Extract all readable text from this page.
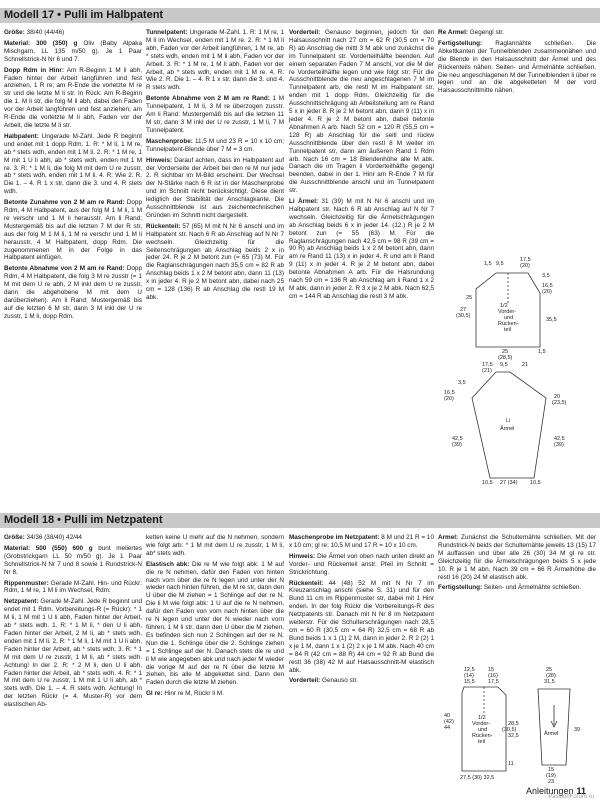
Modell 17 • Pulli im Halbpatent

Größe: 38/40 (44/46)

Material: 300 (350) g Oliv (Baby Alpaka Mischgarn, LL 135 m/50 g). Je 1 Paar Schnellstrick-N Nr 6 und 7.

Dopp Rdm in Hinr: Am R-Beginn 1 M li abh, Faden hinter der Arbeit langführen und fest anziehen, 1 R re; am R-Ende die vorletzte M re str und die letzte M li str. In Rück: Am R-Beginn die 1. M li str, die folg M li abh, dabei den Faden vor der Arbeit langführen und fest anziehen; am R-Ende die vorletzte M li abh, Faden vor der Arbeit, die letzte M li str.

Halbpatent: Ungerade M-Zahl. Jede R beginnt und endet mit 1 dopp Rdm. 1. R: * M li, 1 M re, ab * stets wdh, enden mit 1 M li. 2. R: * 1 M re, 1 M mit 1 U li abh, ab * stets wdh, enden mit 1 M re. 3. R: * 1 M li, die folg M mit dem U re zusstr, ab * stets wdh, enden mit 1 M li. 4. R: Wie 2. R. Die 1. – 4. R 1 x str, dann die 3. und 4. R stets wdh.

Betonte Zunahme von 2 M am re Rand: Dopp Rdm, 4 M Halbpatent, aus der folg M 1 M li, 1 M re verschr und 1 M li herausstr. Am li Rand: Mustergemäß bis auf die letzten 7 M der R str, aus der folg M 1 M li, 1 M re verschr und 1 M li herausstr, 4 M Halbpatent, dopp Rdm. Die zugenommenen M in der Folge in das Halbpatent einfügen.

Betonte Abnahme von 2 M am re Rand: Dopp Rdm, 4 M Halbpatent, die folg 3 M re zusstr (= 1 M mit dem U re abh, 2 M inkl dem U re zusstr, dann die abgehobene M mit dem U darüberziehen). Am li Rand: Mustergemäß bis auf die letzten 6 M str, dann 3 M inkl der U re zusstr, 1 M li, dopp Rdm.

Tunnelpatent: Ungerade M-Zahl. 1. R: 1 M re, 1 M li im Wechsel, enden mit 1 M re. 2. R: * 1 M li abh, Faden vor der Arbeit langführen, 1 M re, ab * stets wdh, enden mit 1 M li abh, Faden vor der Arbeit. 3. R: * 1 M re, 1 M li abh, Faden vor der Arbeit, ab * stets wdh, enden mit 1 M re. 4. R: Wie 2. R. Die 1. – 4. R 1 x str, dann die 3. und 4. R stets wdh.

Betonte Abnahme von 2 M am re Rand: 1 M Tunnelpatent, 1 M li, 3 M re überzogen zusstr. Am li Rand: Mustergemäß bis auf die letzten 11 M str, dann 3 M inkl der U re zusstr, 1 M li, 7 M Tunnelpatent.

Maschenprobe: 11,5 M und 23 R = 10 x 10 cm; Tunnelpatent-Blende über 7 M = 3 cm.

Hinweis: Darauf achten, dass im Halbpatent auf der Vorderseite der Arbeit bei den re M nur jede 2. R sichtbar im M-Bild erscheint. Der Wechsel der N-Stärke nach 6 R ist in der Maschenprobe und im Schnitt nicht berücksichtigt. Diese dient lediglich der Stabilität der Anschlagkante. Die Ausschnittblende ist aus zeichentechnischen Gründen im Schnitt nicht dargestellt.

Rückenteil: 57 (65) M mit N Nr 6 anschl und im Halbpatent str. Nach 6 R ab Anschlag auf N Nr 7 wechseln. Gleichzeitig für die Seitenschrägungen ab Anschlag beids 2 x in jeder 24. R je 2 M betont zun (= 65 (73) M. Für die Raglanschrägungen nach 35,5 cm = 82 R ab Anschlag beids 1 x 2 M betont abn, dann 11 (13) x in jeder 4. R je 2 M betont abn, dabei nach 25 cm = 128 (136) R ab Anschlag die restl 19 M abk.

Vorderteil: Genauso beginnen, jedoch für den Halsausschnitt nach 27 cm = 62 R (30,5 cm = 70 R) ab Anschlag die mittl 3 M abk und zunächst die im Tunnelpatent str. Vorderteilhälfte beenden. Auf einem separaten Faden 7 M anschl, vor die M der re Vorderteilhälfte legen und wie folgt str: Für die Ausschnittblende die neu angeschlagenen 7 M im Tunnelpatent arb, die restl M im Halbpatent str, enden mit 1 dopp Rdm. Gleichzeitig für die Ausschnittschrägung ab Arbeitsteilung am re Rand 5 x in jeder 8. R je 2 M betont abn, dann 9 (11) x in jeder 4. R je 2 M betont abn, dabei betonte Abnahmen A arb. Nach 52 cm = 120 R (55,5 cm = 128 R) ab Anschlag für die seitl und rückw Ausschnittblende über den restl 8 M weiter im Tunnelpatent str, dann am äußeren Rand 1 Rdm arb. Nach 16 cm = 18 Blendenhöhe alle M abk. Danach die im Tragen li Vorderteilhälfte gegengl beenden, dabei in der 1. Hinr am R-Ende 7 M für die Ausschnittblende anschl und im Tunnelpatent str.

Li Ärmel: 31 (39) M mit N Nr 6 anschl und im Halbpatent str. Nach 6 R ab Anschlag auf N Nr 7 wechseln. Gleichzeitig für die Ärmelschrägungen ab Anschlag beids 6 x in jeder 14. (12.) R je 2 M betont zun (= 55 (63) M. Für die Raglanschrägungen nach 42,5 cm = 98 R (39 cm = 90 R) ab Anschlag beids 1 x 2 M betont abn, dann am re Rand 11 (13) x in jeder 4. R und am li Rand 9 (11) x in jeder 4. R je 2 M betont abn, dabei betonte Abnahmen A arb. Für die Halsrundung nach 59 cm = 136 R ab Anschlag am li Rand 1 x 2 M abk, dann in jeder 2. R 3 x je 2 M abk. Nach 62,5 cm = 144 R ab Anschlag die restl 3 M abk.

Re Ärmel: Gegengl str.

Fertigstellung: Raglannähte schließen. Die Abkettkanten der Tunnelblenden zusammennähen und die Blende in den Halsausschnitt der Ärmel und des Rückenteils nähen. Seiten- und Ärmelnähte schließen. Die neu angeschlagenen M der Tunnelblenden li über re legen und an die abgeketteten M der vord Halsausschnittmitte nähen.

1,5 9,5
17,5
(20)
3,5
16,5
(20)
25
27
(30,5)
1/2
Vorder-
und
Rücken-
teil
35,5
25
(28,5)
1,5
17,5
(21)
9,5	21
3,5
16,5
(20)	20
(23,5)
Li
Ärmel
42,5
(39)
42,5
(39)
10,5 27 (34) 10,5
Modell 18 • Pulli im Netzpatent

Größe: 34/36 (38/40) 42/44

Material: 500 (550) 600 g bunt meliertes (Grobstrickgarn LL 50 m/50 g). Je 1 Paar Schnellstrick-N Nr 7 und 8 sowie 1 Rundstrick-N Nr 8.

Rippenmuster: Gerade M-Zahl. Hin- und Rückr: Rdm, 1 M re, 1 M li im Wechsel, Rdm.

Netzpatent: Gerade M-Zahl. Jede R beginnt und endet mit 1 Rdm. Vorbereitungs-R (= Rückr): * 1 M li, 1 M mit 1 U li abh, Faden hinter der Arbeit, ab * stets wdh. 1. R: * 1 M li, * den U li abh, Faden hinter der Arbeit, 2 M li, ab * stets wdh, enden mit 1 M li. 2. R: * 1 M li, 1 M mit 1 U li abh, Faden hinter der Arbeit, ab * stets wdh. 3. R: * 1 M mit dem U re zusstr, 1 M li, ab * stets wdh. Achtung! In der 2. R: * 2 M li, den U li abh, Faden hinter der Arbeit, ab * stets wdh. 4. R: * 1 M mit dem U re zusstr, 1 M mit 1 U li abh, ab * stets wdh. Die 1. – 4. R stets wdh. Achtung! In der letzten Rückr (= 4. Muster-R) vor dem elastischen Ab-

ketten keine U mehr auf die N nehmen, sondern wie folgt arb: * 1 M mit dem U re zusstr, 1 M li, ab* stets wdh.

Elastisch abk: Die re M wie folgt abk: 1 M auf die re N nehmen, dafür den Faden von hinten nach vorn über die re N legen und unter der N wieder nach hinten führen, die M re str, dann den U über die M ziehen = 1 Schlinge auf der re N. Die li M wie folgt abk: 1 U auf die re N nehmen, dafür den Faden von vorn nach hinten über die re N legen und unter der N wieder nach vorn führen, 1 M li str, dann den U über die M ziehen. Es befinden sich nun 2 Schlingen auf der re N. Nun die 1. Schlinge über die 2. Schlinge ziehen = 1 Schlinge auf der N. Danach stets die re und li M wie angegeben abk und nach jeder M wieder die vorige M auf der re N über die letzte M ziehen, bis alle M abgekettet sind. Dann den Faden durch die letzte M ziehen.

Gl re: Hinr re M, Rückr li M.

Maschenprobe im Netzpatent: 8 M und 21 R = 10 x 10 cm; gl re: 10,5 M und 17 R = 10 x 10 cm.

Hinweis: Die Ärmel von oben nach unten direkt an Vorder- und Rückenteil anstr. Pfeil im Schnitt = Strickrichtung.

Rückenteil: 44 (48) 52 M mit N Nr 7 im Kreuzanschlag anschl (siehe S. 31) und für den Bund 11 cm im Rippenmuster str, dabei mit 1 Hinr enden. In der folg Rückr die Vorbereitungs-R des Netzpatents str. Danach mit N Nr 8 im Netzpatent weiterstr. Für die Schulterschrägungen nach 28,5 cm = 60 R (30,5 cm = 64 R) 32,5 cm = 68 R ab Bund beids 1 x 1 (1) 2 M, dann in jeder 2. R 2 (2) 1 x je 1 M, dann 1 x 1 (2) 2 x je 1 M abk. Nach 40 cm = 84 R (42 cm = 88 R) 44 cm = 92 R ab Bund die restl 36 (38) 42 M auf Halsausschnitt-M elastisch abk.

Vorderteil: Genauso str.

Ärmel: Zunächst die Schulternähte schließen. Mit der Rundstrick-N beids der Schulternähte jeweils 13 (15) 17 M auffassen und über alle 26 (30) 34 M gl re str. Gleichzeitig für die Ärmelschrägungen beids 5 x jede 10. R je 1 M abn. Nach 39 cm = 66 R Ärmelhöhe die restl 16 (20) 24 M elastisch abk.

Fertigstellung: Seiten- und Ärmelnähte schließen.

12,5
(14)
15,5
15
(16)
17,5
40
(42)
44
1/2
Vorder-
und
Rücken-
teil
28,5
(30,5)
32,5
11
27,5 (30) 32,5
25
(28)
31,5
Ärmel
39
15
(19)
23
Anleitungen 11
PassionForum.ru
